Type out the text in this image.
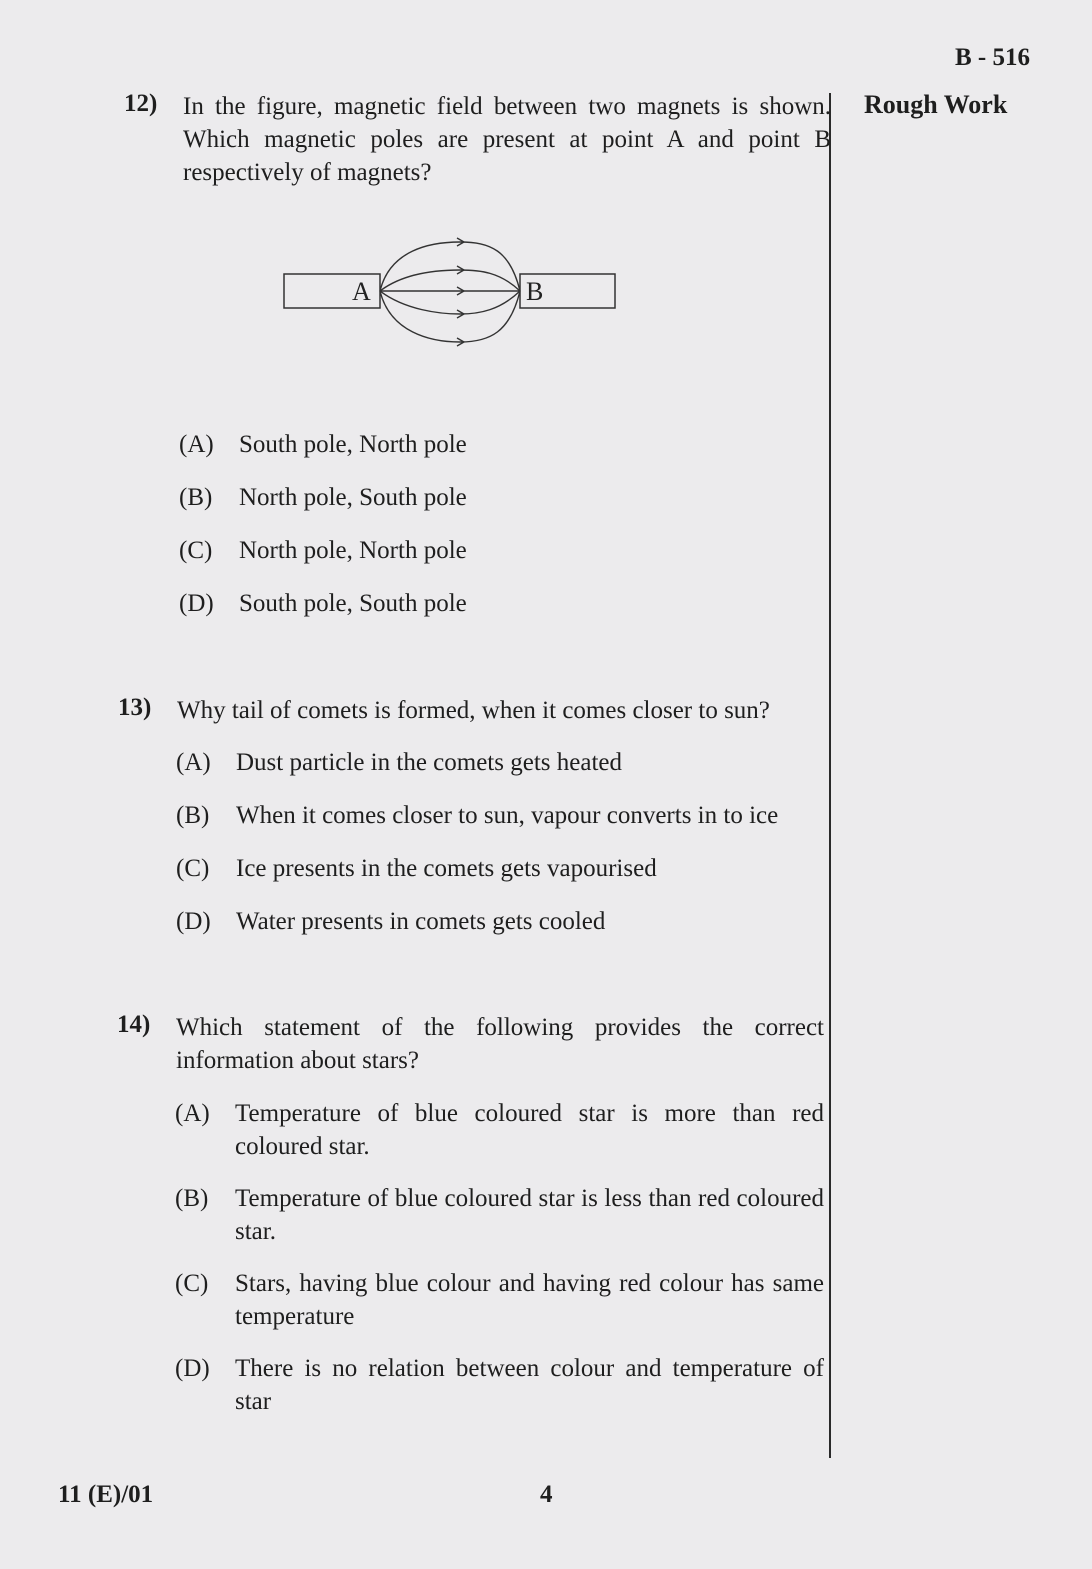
B - 516
Rough Work
12) In the figure, magnetic field between two magnets is shown. Which magnetic poles are present at point A and point B respectively of magnets?
A	B
(A) South pole, North pole
(B) North pole, South pole
(C) North pole, North pole
(D) South pole, South pole
13) Why tail of comets is formed, when it comes closer to sun?
(A) Dust particle in the comets gets heated
(B) When it comes closer to sun, vapour converts in to ice
(C) Ice presents in the comets gets vapourised
(D) Water presents in comets gets cooled
14) Which statement of the following provides the correct information about stars?
(A) Temperature of blue coloured star is more than red coloured star.
(B) Temperature of blue coloured star is less than red coloured star.
(C) Stars, having blue colour and having red colour has same temperature
(D) There is no relation between colour and temperature of star
11 (E)/01	4
